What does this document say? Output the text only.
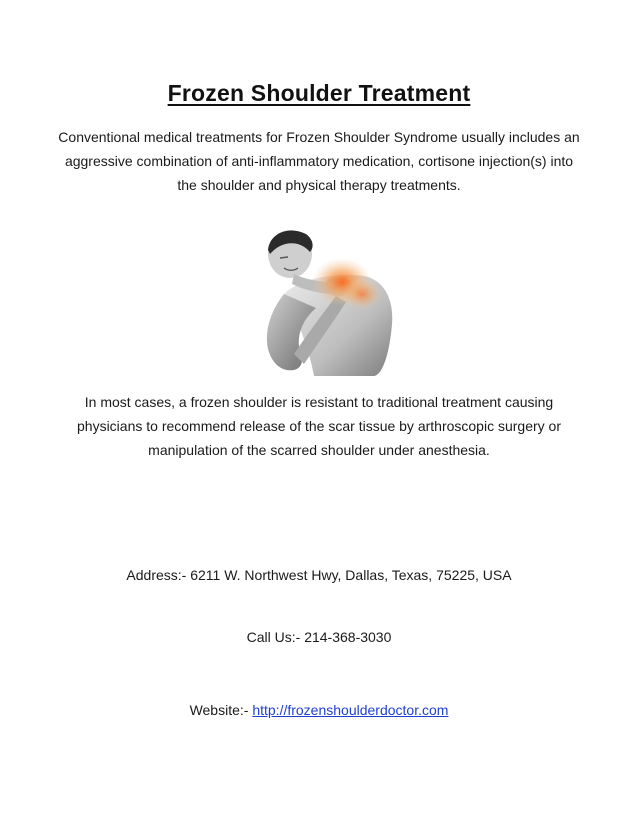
Frozen Shoulder Treatment
Conventional medical treatments for Frozen Shoulder Syndrome usually includes an aggressive combination of anti-inflammatory medication, cortisone injection(s) into the shoulder and physical therapy treatments.
In most cases, a frozen shoulder is resistant to traditional treatment causing physicians to recommend release of the scar tissue by arthroscopic surgery or manipulation of the scarred shoulder under anesthesia.
Address:- 6211 W. Northwest Hwy, Dallas, Texas, 75225, USA
Call Us:- 214-368-3030
Website:- http://frozenshoulderdoctor.com
